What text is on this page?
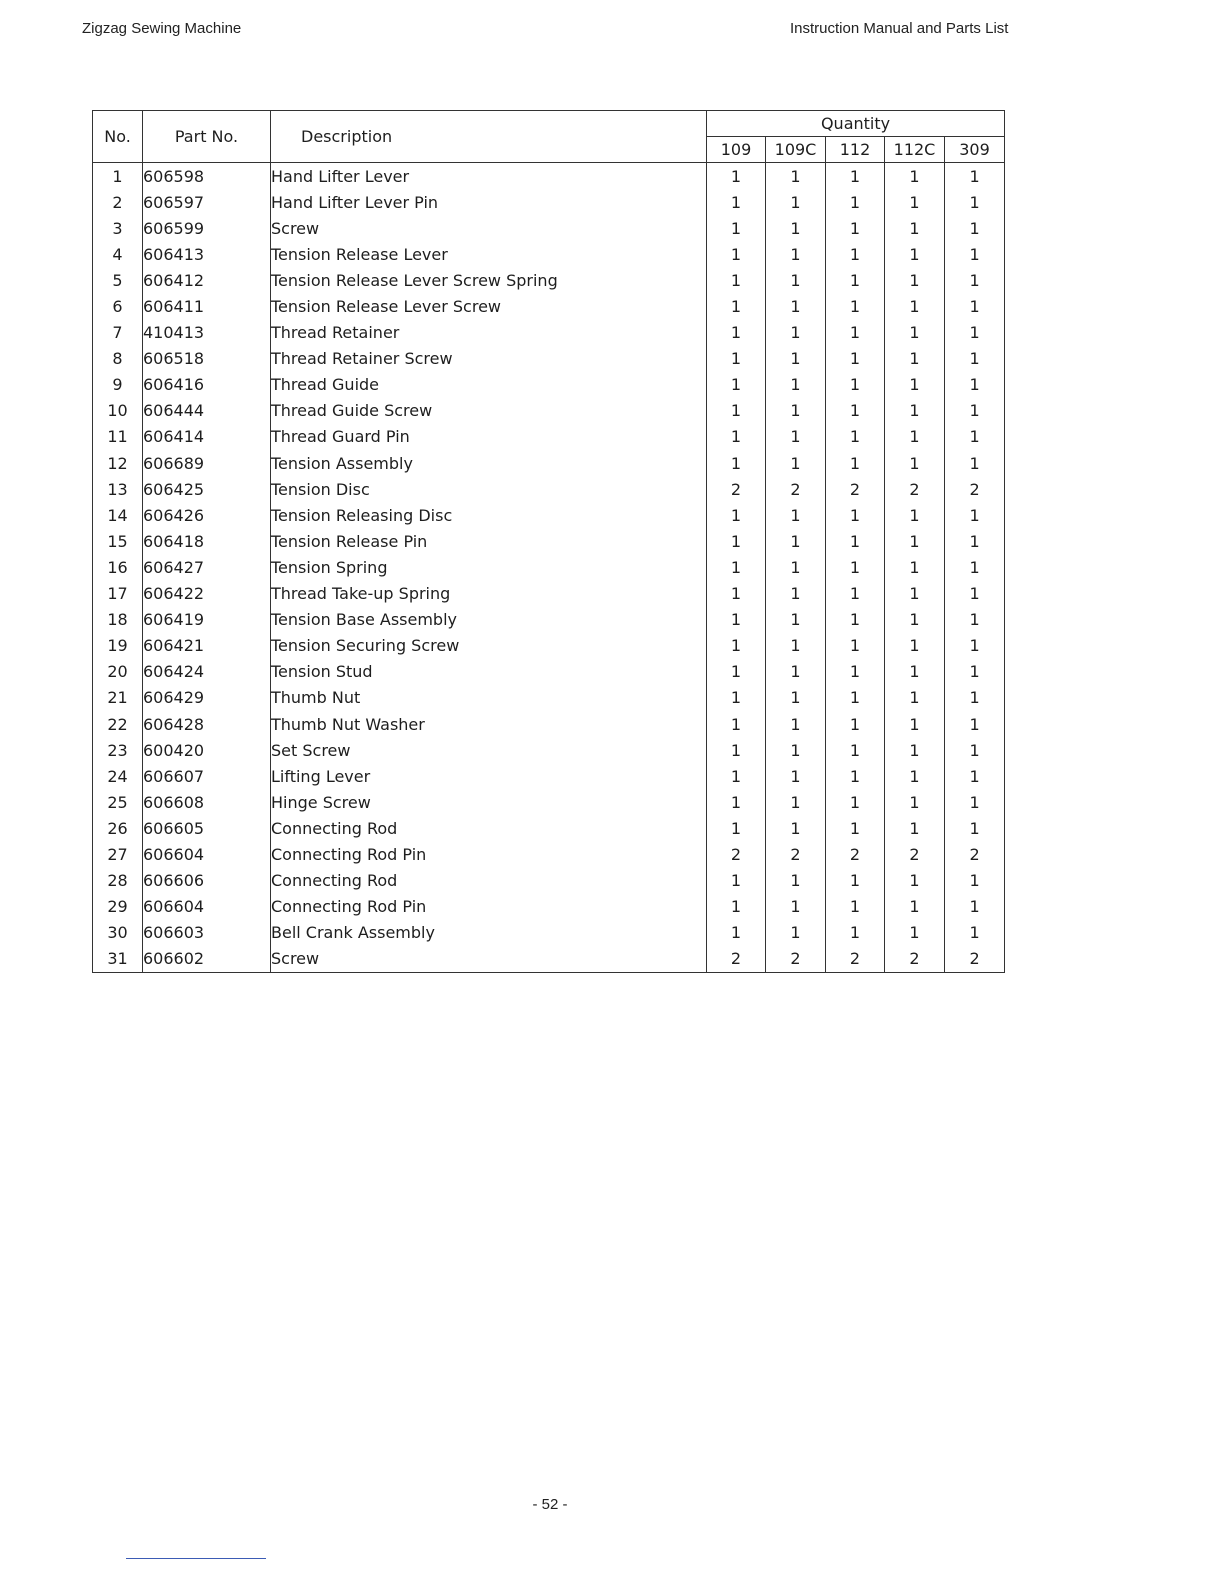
Zigzag Sewing Machine	Instruction Manual and Parts List
No.	Part No.	Description	Quantity				
			109	109C	112	112C	309
1	606598	Hand Lifter Lever	1	1	1	1	1
2	606597	Hand Lifter Lever Pin	1	1	1	1	1
3	606599	Screw	1	1	1	1	1
4	606413	Tension Release Lever	1	1	1	1	1
5	606412	Tension Release Lever Screw Spring	1	1	1	1	1
6	606411	Tension Release Lever Screw	1	1	1	1	1
7	410413	Thread Retainer	1	1	1	1	1
8	606518	Thread Retainer Screw	1	1	1	1	1
9	606416	Thread Guide	1	1	1	1	1
10	606444	Thread Guide Screw	1	1	1	1	1
11	606414	Thread Guard Pin	1	1	1	1	1
12	606689	Tension Assembly	1	1	1	1	1
13	606425	Tension Disc	2	2	2	2	2
14	606426	Tension Releasing Disc	1	1	1	1	1
15	606418	Tension Release Pin	1	1	1	1	1
16	606427	Tension Spring	1	1	1	1	1
17	606422	Thread Take-up Spring	1	1	1	1	1
18	606419	Tension Base Assembly	1	1	1	1	1
19	606421	Tension Securing Screw	1	1	1	1	1
20	606424	Tension Stud	1	1	1	1	1
21	606429	Thumb Nut	1	1	1	1	1
22	606428	Thumb Nut Washer	1	1	1	1	1
23	600420	Set Screw	1	1	1	1	1
24	606607	Lifting Lever	1	1	1	1	1
25	606608	Hinge Screw	1	1	1	1	1
26	606605	Connecting Rod	1	1	1	1	1
27	606604	Connecting Rod Pin	2	2	2	2	2
28	606606	Connecting Rod	1	1	1	1	1
29	606604	Connecting Rod Pin	1	1	1	1	1
30	606603	Bell Crank Assembly	1	1	1	1	1
31	606602	Screw	2	2	2	2	2
- 52 -
